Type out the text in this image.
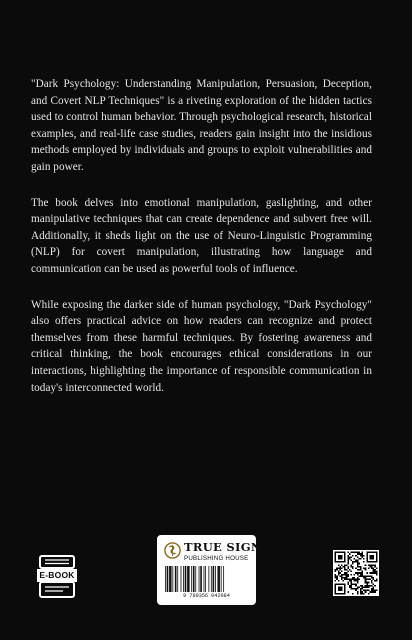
"Dark Psychology: Understanding Manipulation, Persuasion, Deception, and Covert NLP Techniques" is a riveting exploration of the hidden tactics used to control human behavior. Through psychological research, historical examples, and real-life case studies, readers gain insight into the insidious methods employed by individuals and groups to exploit vulnerabilities and gain power.

The book delves into emotional manipulation, gaslighting, and other manipulative techniques that can create dependence and subvert free will. Additionally, it sheds light on the use of Neuro-Linguistic Programming (NLP) for covert manipulation, illustrating how language and communication can be used as powerful tools of influence.

While exposing the darker side of human psychology, "Dark Psychology" also offers practical advice on how readers can recognize and protect themselves from these harmful techniques. By fostering awareness and critical thinking, the book encourages ethical considerations in our interactions, highlighting the importance of responsible communication in today's interconnected world.

E-BOOK
TRUE SIGN
PUBLISHING HOUSE
9 789356 042084
